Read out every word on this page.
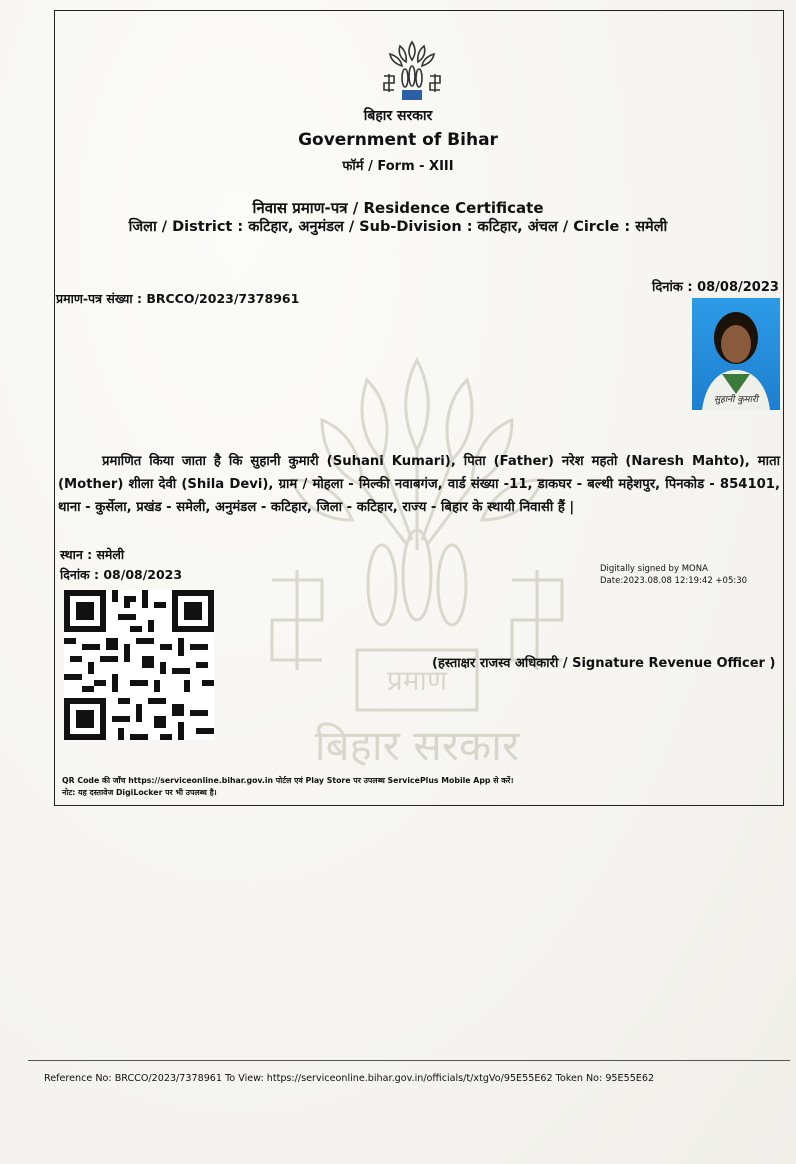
प्रमाण
बिहार सरकार
बिहार सरकार
Government of Bihar
फॉर्म / Form - XIII
निवास प्रमाण-पत्र / Residence Certificate
जिला / District : कटिहार, अनुमंडल / Sub-Division : कटिहार, अंचल / Circle : समेली
प्रमाण-पत्र संख्या : BRCCO/2023/7378961
दिनांक : 08/08/2023
सुहानी कुमारी
प्रमाणित किया जाता है कि सुहानी कुमारी (Suhani Kumari), पिता (Father) नरेश महतो (Naresh Mahto), माता (Mother) शीला देवी (Shila Devi), ग्राम / मोहला - मिल्की नवाबगंज, वार्ड संख्या -11, डाकघर - बल्थी महेशपुर, पिनकोड - 854101, थाना - कुर्सेला, प्रखंड - समेली, अनुमंडल - कटिहार, जिला - कटिहार, राज्य - बिहार के स्थायी निवासी हैं |
स्थान : समेली
दिनांक : 08/08/2023	Digitally signed by MONA
Date:2023.08.08 12:19:42 +05:30
(हस्ताक्षर राजस्व अधिकारी / Signature Revenue Officer )
QR Code की जाँच https://serviceonline.bihar.gov.in पोर्टल एवं Play Store पर उपलब्ध ServicePlus Mobile App से करें।
नोट: यह दस्तावेज DigiLocker पर भी उपलब्ध है।
Reference No: BRCCO/2023/7378961 To View: https://serviceonline.bihar.gov.in/officials/t/xtgVo/95E55E62 Token No: 95E55E62
